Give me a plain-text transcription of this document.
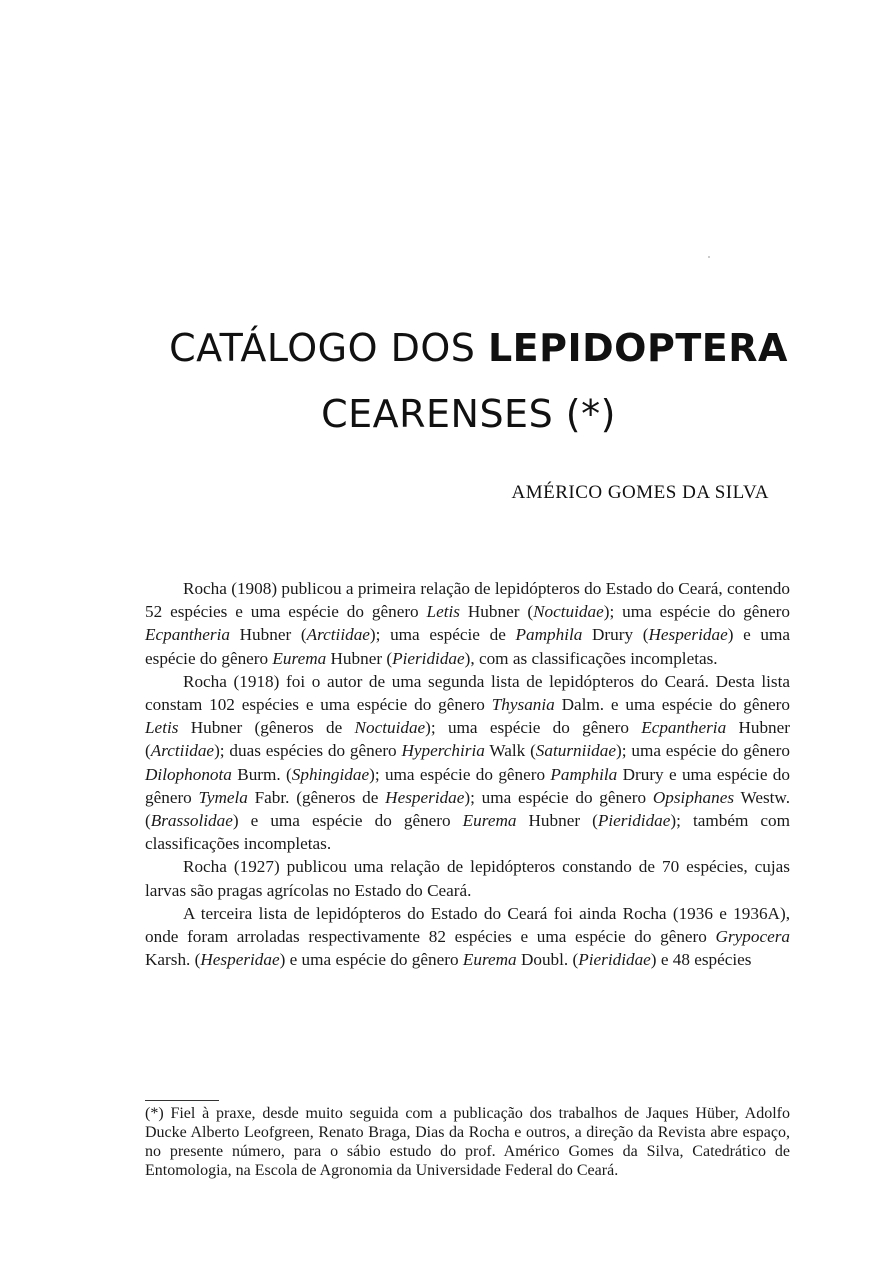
CATÁLOGO DOS LEPIDOPTERA
CEARENSES (*)
AMÉRICO GOMES DA SILVA

Rocha (1908) publicou a primeira relação de lepidópteros do Estado do Ceará, contendo 52 espécies e uma espécie do gênero Letis Hubner (Noctuidae); uma espécie do gênero Ecpantheria Hubner (Arctiidae); uma espécie de Pamphila Drury (Hesperidae) e uma espécie do gênero Eurema Hubner (Pierididae), com as classificações incompletas.

Rocha (1918) foi o autor de uma segunda lista de lepidópteros do Ceará. Desta lista constam 102 espécies e uma espécie do gênero Thysania Dalm. e uma espécie do gênero Letis Hubner (gêneros de Noctuidae); uma espécie do gênero Ecpantheria Hubner (Arctiidae); duas espécies do gênero Hyperchiria Walk (Saturniidae); uma espécie do gênero Dilophonota Burm. (Sphingidae); uma espécie do gênero Pamphila Drury e uma espécie do gênero Tymela Fabr. (gêneros de Hesperidae); uma espécie do gênero Opsiphanes Westw. (Brassolidae) e uma espécie do gênero Eurema Hubner (Pierididae); também com classificações incompletas.

Rocha (1927) publicou uma relação de lepidópteros constando de 70 espécies, cujas larvas são pragas agrícolas no Estado do Ceará.

A terceira lista de lepidópteros do Estado do Ceará foi ainda Rocha (1936 e 1936A), onde foram arroladas respectivamente 82 espécies e uma espécie do gênero Grypocera Karsh. (Hesperidae) e uma espécie do gênero Eurema Doubl. (Pierididae) e 48 espécies

(*) Fiel à praxe, desde muito seguida com a publicação dos trabalhos de Jaques Hüber, Adolfo Ducke Alberto Leofgreen, Renato Braga, Dias da Rocha e outros, a direção da Revista abre espaço, no presente número, para o sábio estudo do prof. Américo Gomes da Silva, Catedrático de Entomologia, na Escola de Agronomia da Universidade Federal do Ceará.
